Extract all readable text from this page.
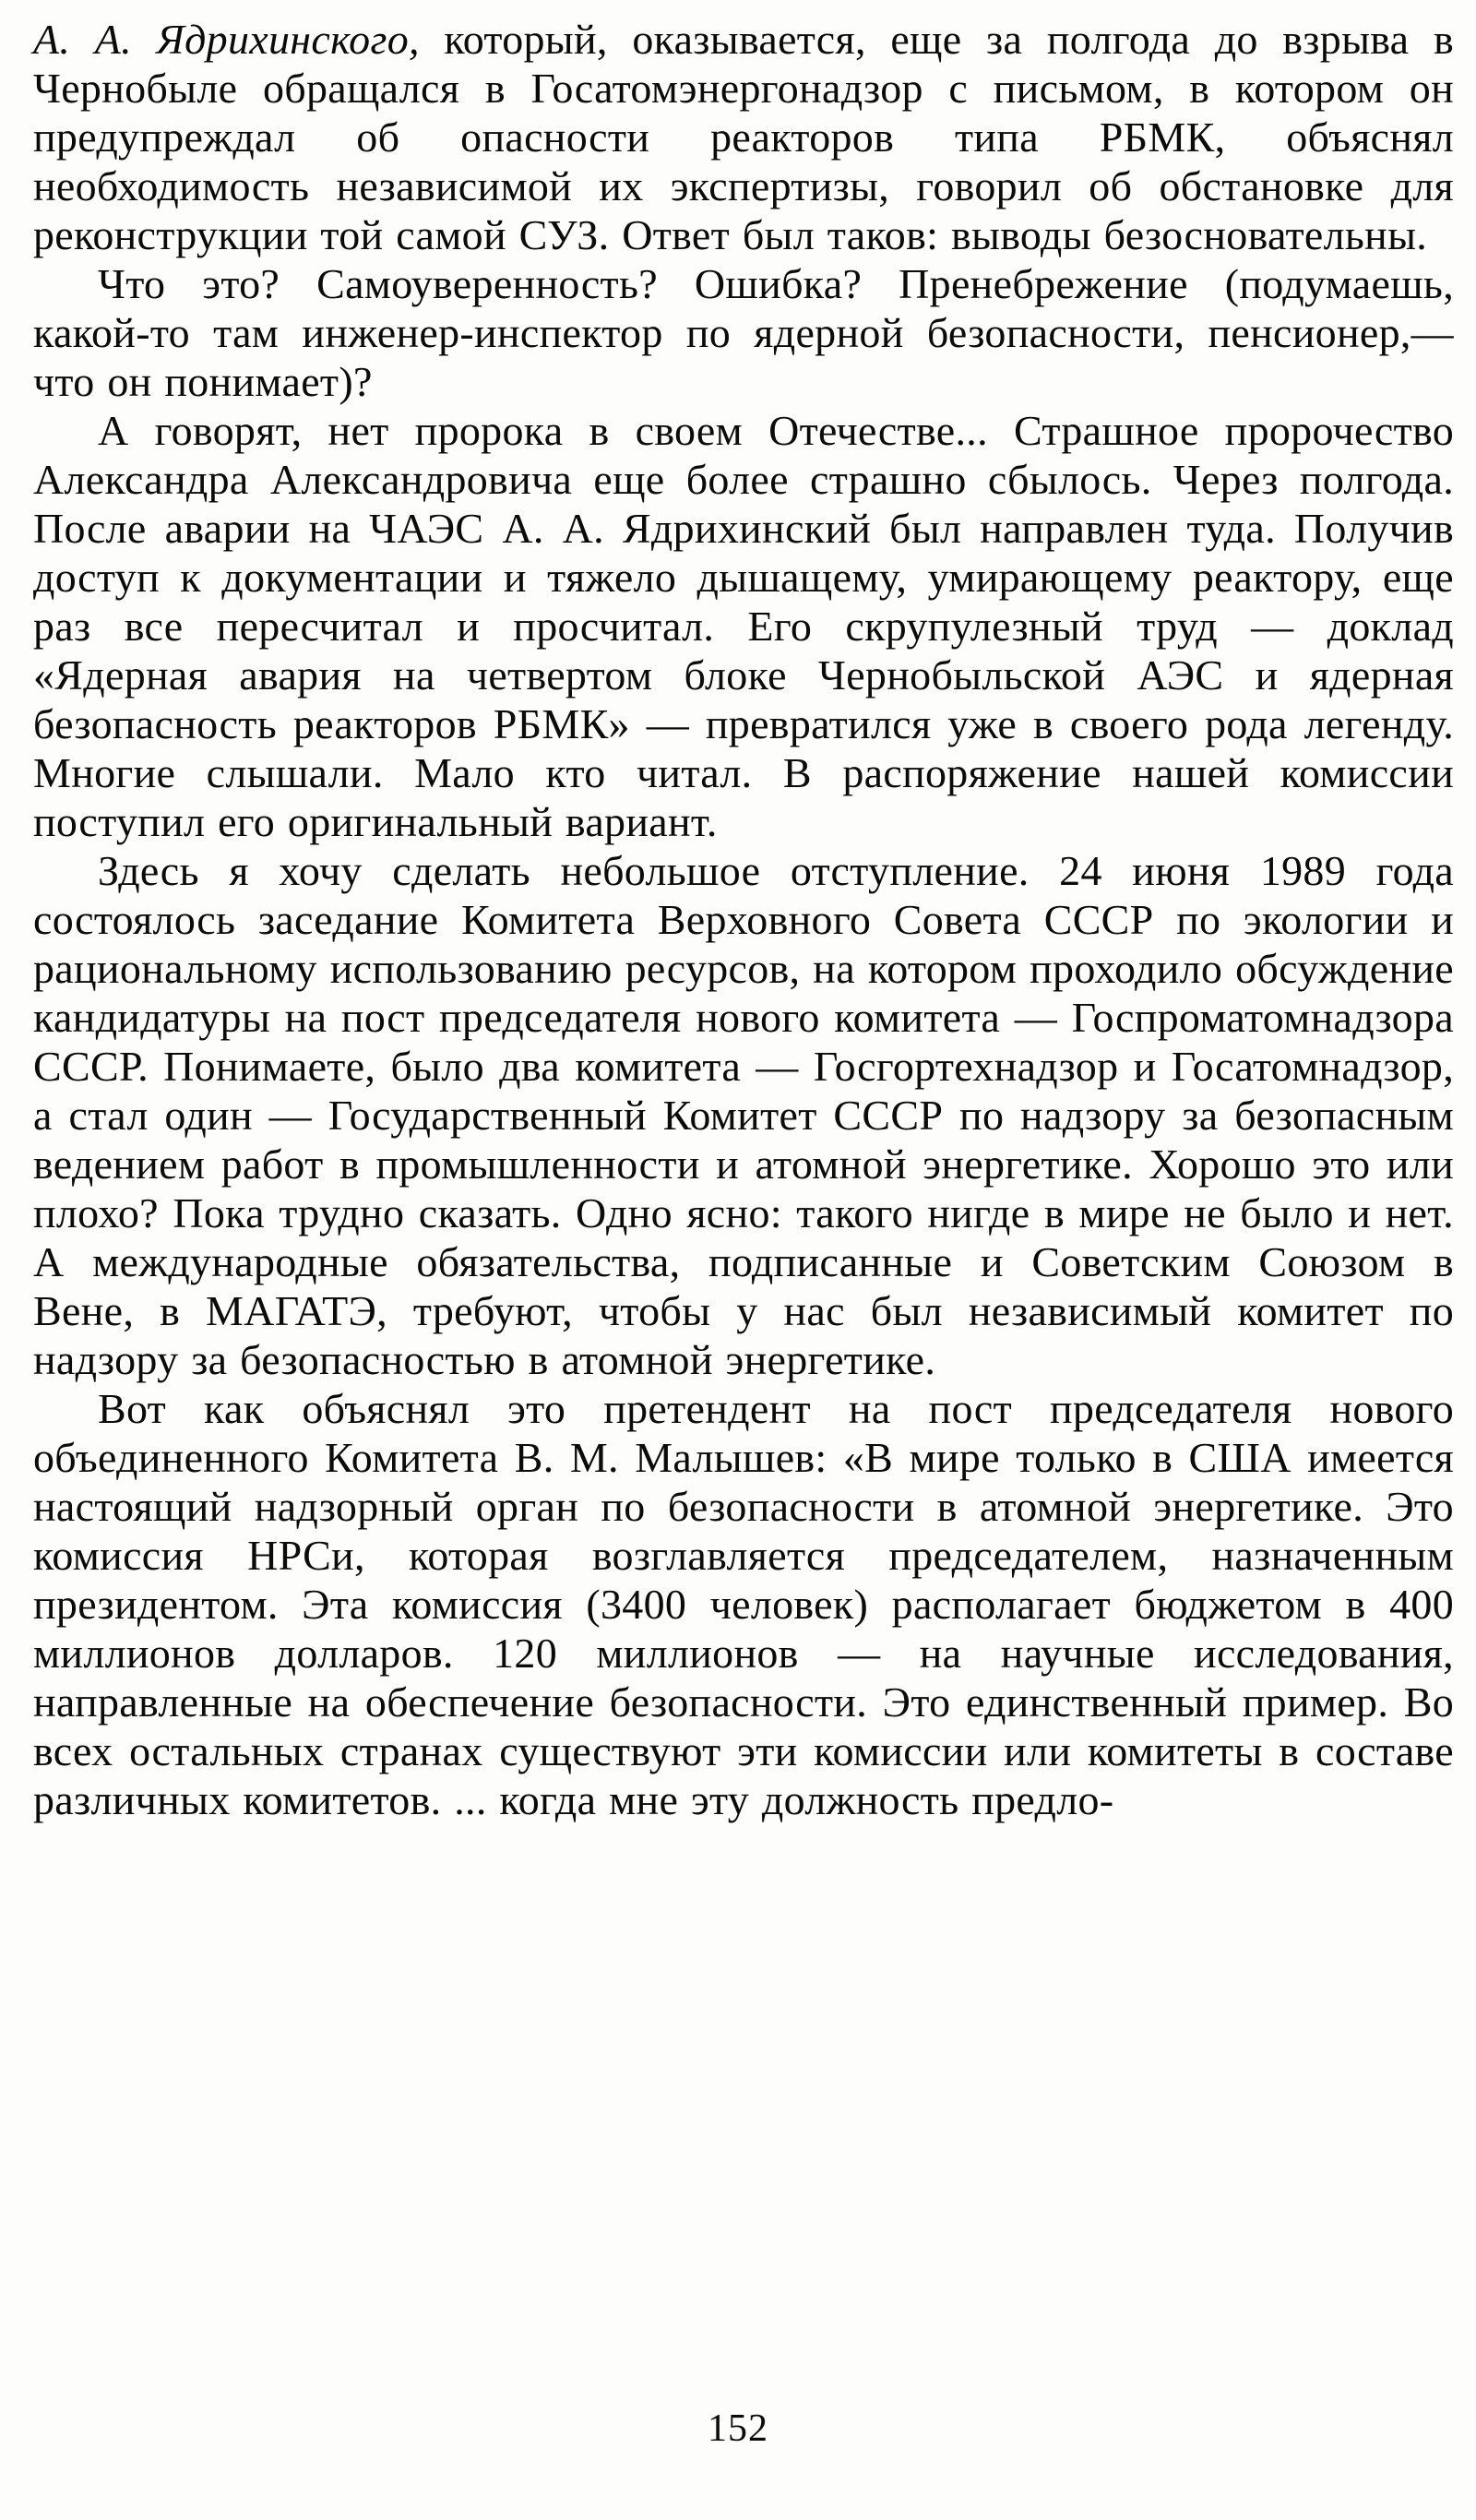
А. А. Ядрихинского, который, оказывается, еще за полгода до взрыва в Чернобыле обращался в Госатомэнергонадзор с письмом, в котором он предупреждал об опасности реакторов типа РБМК, объяснял необходимость независимой их экспертизы, говорил об обстановке для реконструкции той самой СУЗ. Ответ был таков: выводы безосновательны.

Что это? Самоуверенность? Ошибка? Пренебрежение (подумаешь, какой-то там инженер-инспектор по ядерной безопасности, пенсионер,— что он понимает)?

А говорят, нет пророка в своем Отечестве... Страшное пророчество Александра Александровича еще более страшно сбылось. Через полгода. После аварии на ЧАЭС А. А. Ядрихинский был направлен туда. Получив доступ к документации и тяжело дышащему, умирающему реактору, еще раз все пересчитал и просчитал. Его скрупулезный труд — доклад «Ядерная авария на четвертом блоке Чернобыльской АЭС и ядерная безопасность реакторов РБМК» — превратился уже в своего рода легенду. Многие слышали. Мало кто читал. В распоряжение нашей комиссии поступил его оригинальный вариант.

Здесь я хочу сделать небольшое отступление. 24 июня 1989 года состоялось заседание Комитета Верховного Совета СССР по экологии и рациональному использованию ресурсов, на котором проходило обсуждение кандидатуры на пост председателя нового комитета — Госпроматомнадзора СССР. Понимаете, было два комитета — Госгортехнадзор и Госатомнадзор, а стал один — Государственный Комитет СССР по надзору за безопасным ведением работ в промышленности и атомной энергетике. Хорошо это или плохо? Пока трудно сказать. Одно ясно: такого нигде в мире не было и нет. А международные обязательства, подписанные и Советским Союзом в Вене, в МАГАТЭ, требуют, чтобы у нас был независимый комитет по надзору за безопасностью в атомной энергетике.

Вот как объяснял это претендент на пост председателя нового объединенного Комитета В. М. Малышев: «В мире только в США имеется настоящий надзорный орган по безопасности в атомной энергетике. Это комиссия НРСи, которая возглавляется председателем, назначенным президентом. Эта комиссия (3400 человек) располагает бюджетом в 400 миллионов долларов. 120 миллионов — на научные исследования, направленные на обеспечение безопасности. Это единственный пример. Во всех остальных странах существуют эти комиссии или комитеты в составе различных комитетов. ... когда мне эту должность предло-

152
